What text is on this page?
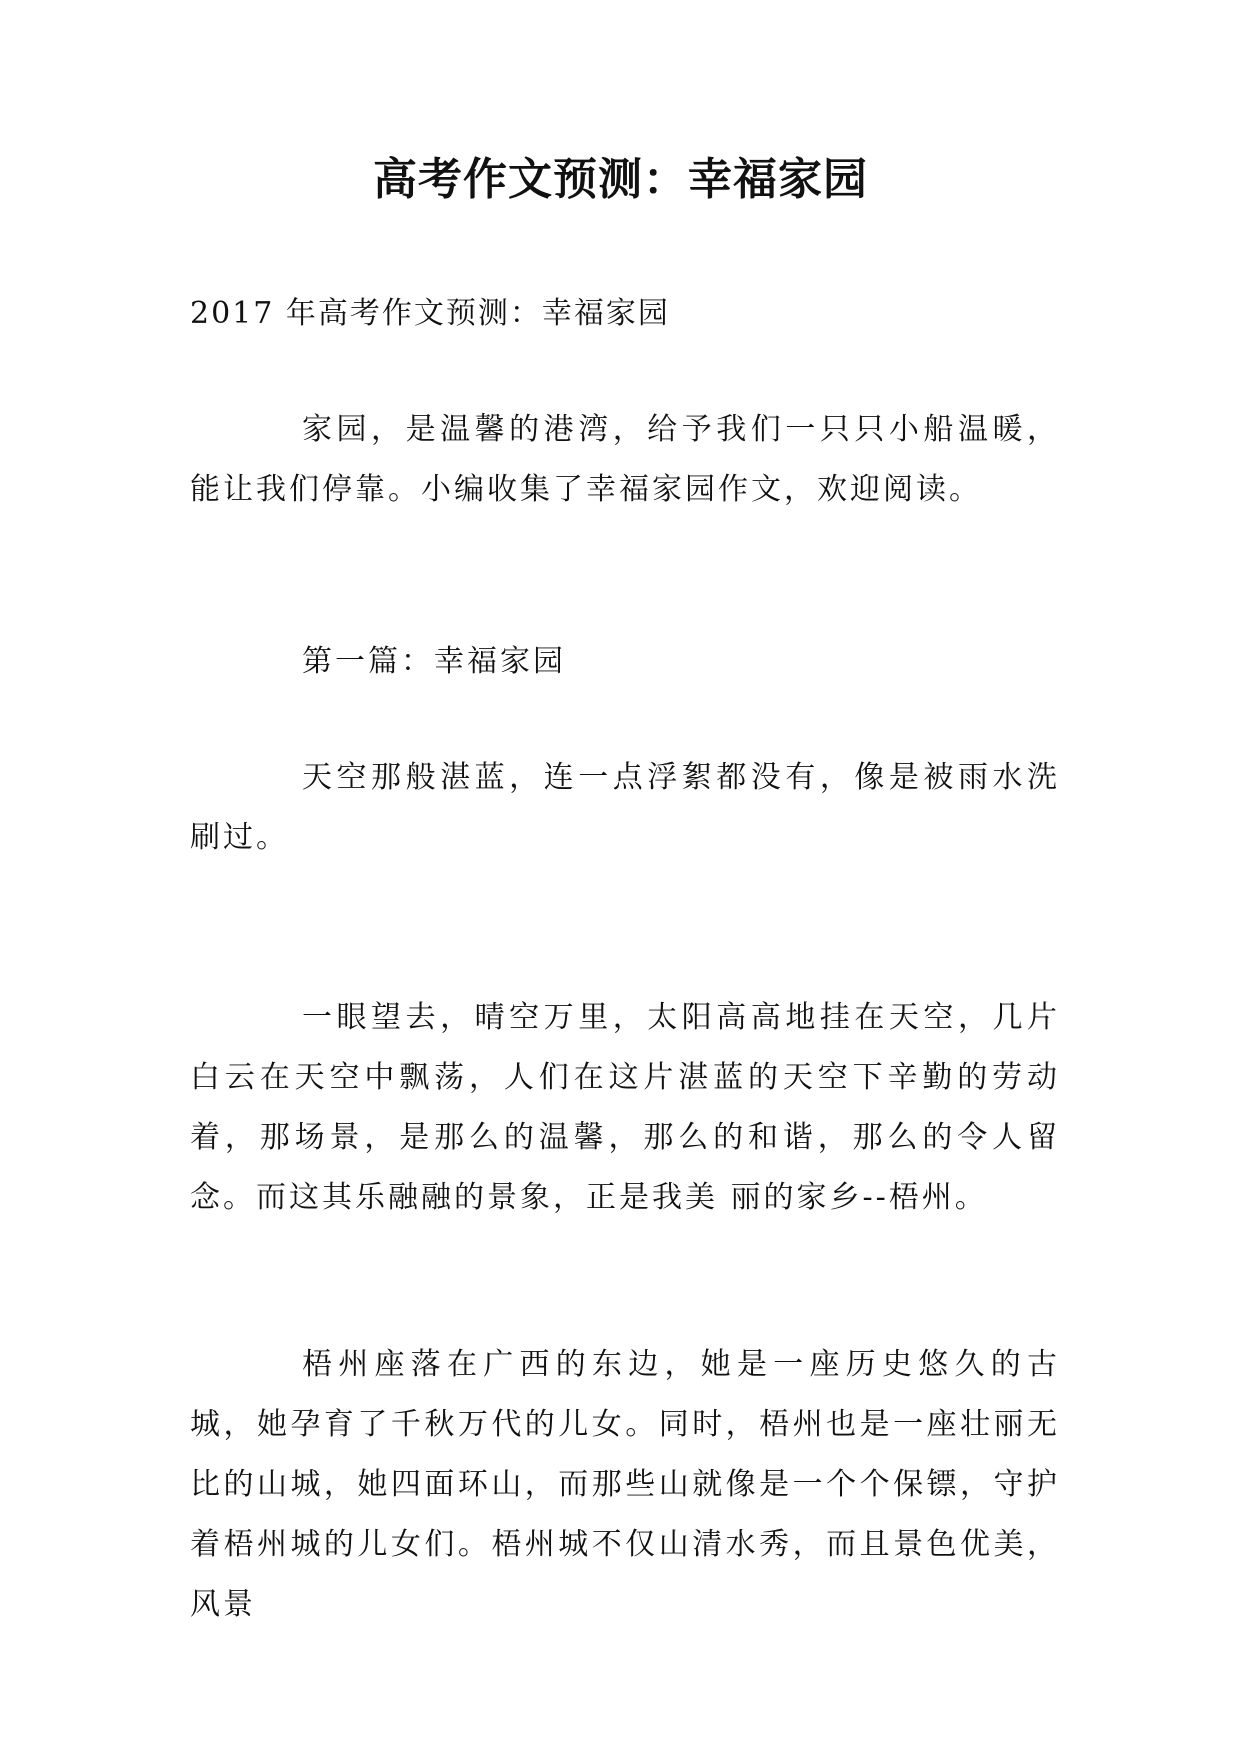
高考作文预测：幸福家园
2017 年高考作文预测：幸福家园
家园，是温馨的港湾，给予我们一只只小船温暖，能让我们停靠。小编收集了幸福家园作文，欢迎阅读。
第一篇：幸福家园
天空那般湛蓝，连一点浮絮都没有，像是被雨水洗刷过。
一眼望去，晴空万里，太阳高高地挂在天空，几片白云在天空中飘荡，人们在这片湛蓝的天空下辛勤的劳动着，那场景，是那么的温馨，那么的和谐，那么的令人留念。而这其乐融融的景象，正是我美 丽的家乡--梧州。
梧州座落在广西的东边，她是一座历史悠久的古城，她孕育了千秋万代的儿女。同时，梧州也是一座壮丽无比的山城，她四面环山，而那些山就像是一个个保镖，守护着梧州城的儿女们。梧州城不仅山清水秀，而且景色优美，风景
